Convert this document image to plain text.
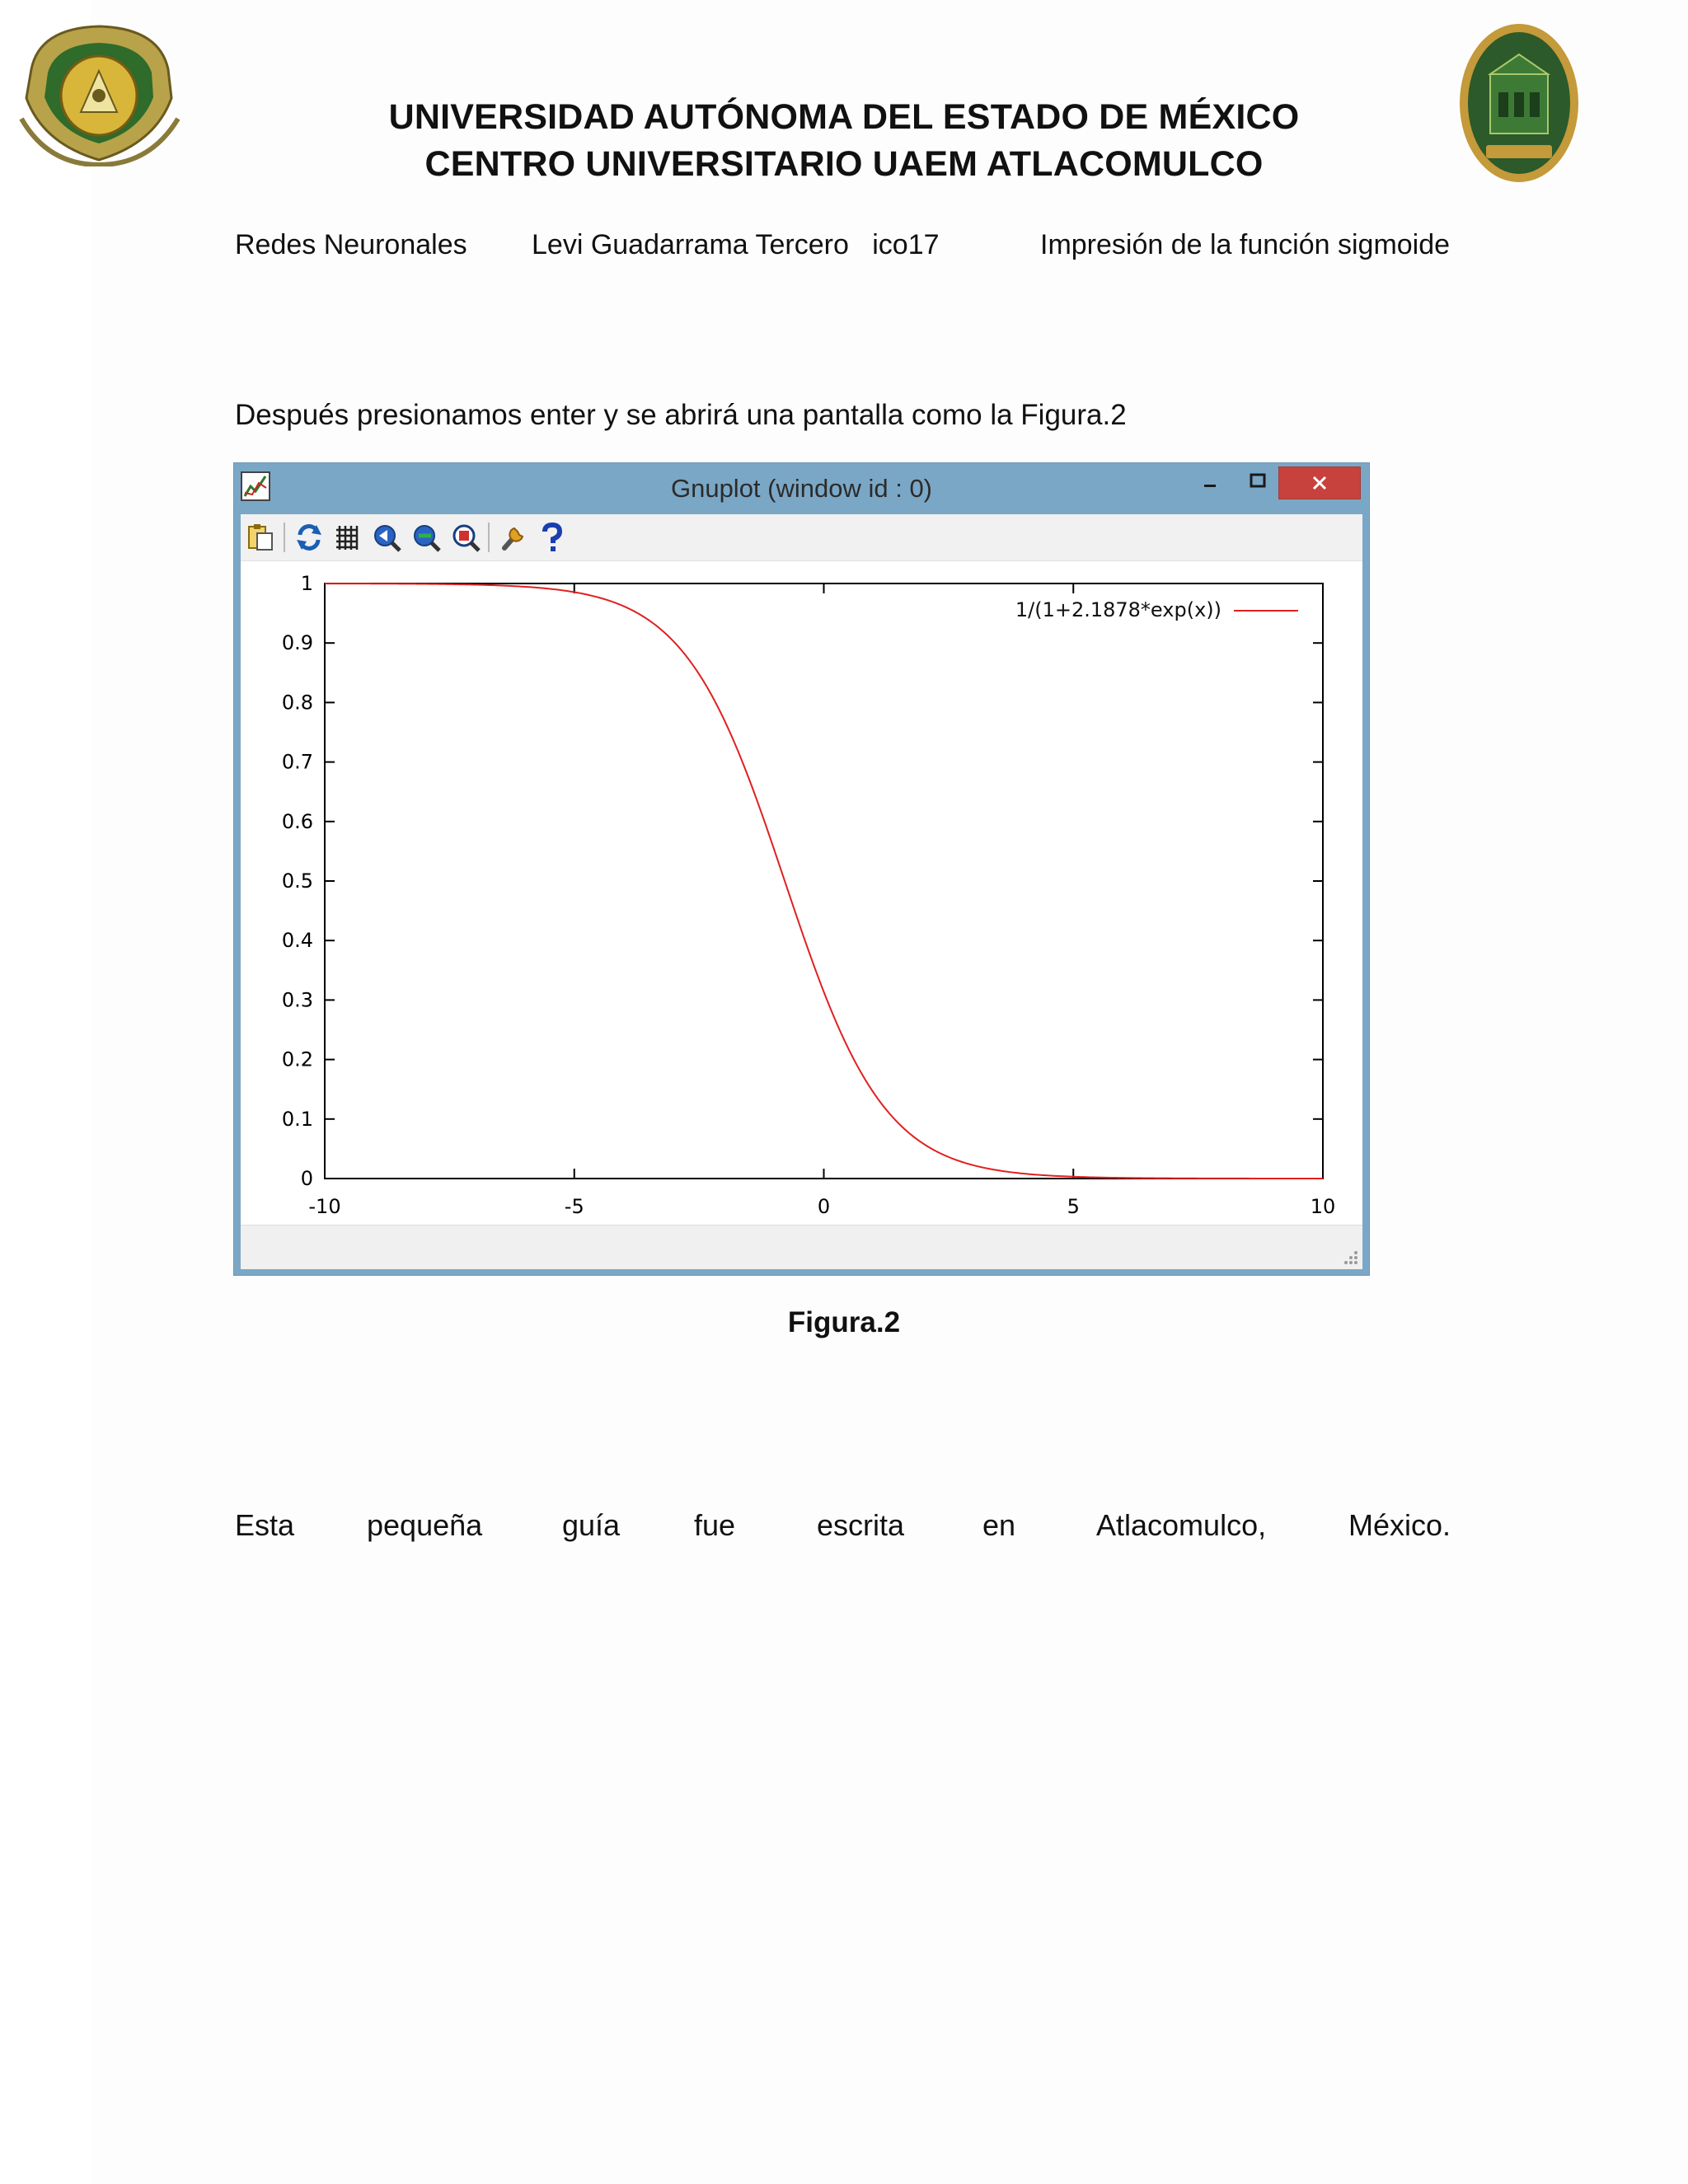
UNIVERSIDAD AUTÓNOMA DEL ESTADO DE MÉXICO
CENTRO UNIVERSITARIO UAEM ATLACOMULCO
Redes Neuronales Levi Guadarrama Tercero   ico17	Impresión de la función sigmoide
Después presionamos enter y se abrirá una pantalla como la Figura.2
Gnuplot (window id : 0)
0
0.1
0.2
0.3
0.4
0.5
0.6
0.7
0.8
0.9
1
-10	-5	0	5	10
1/(1+2.1878*exp(x))
Figura.2
Esta pequeña	guía fue	escrita	en	Atlacomulco,	México.
